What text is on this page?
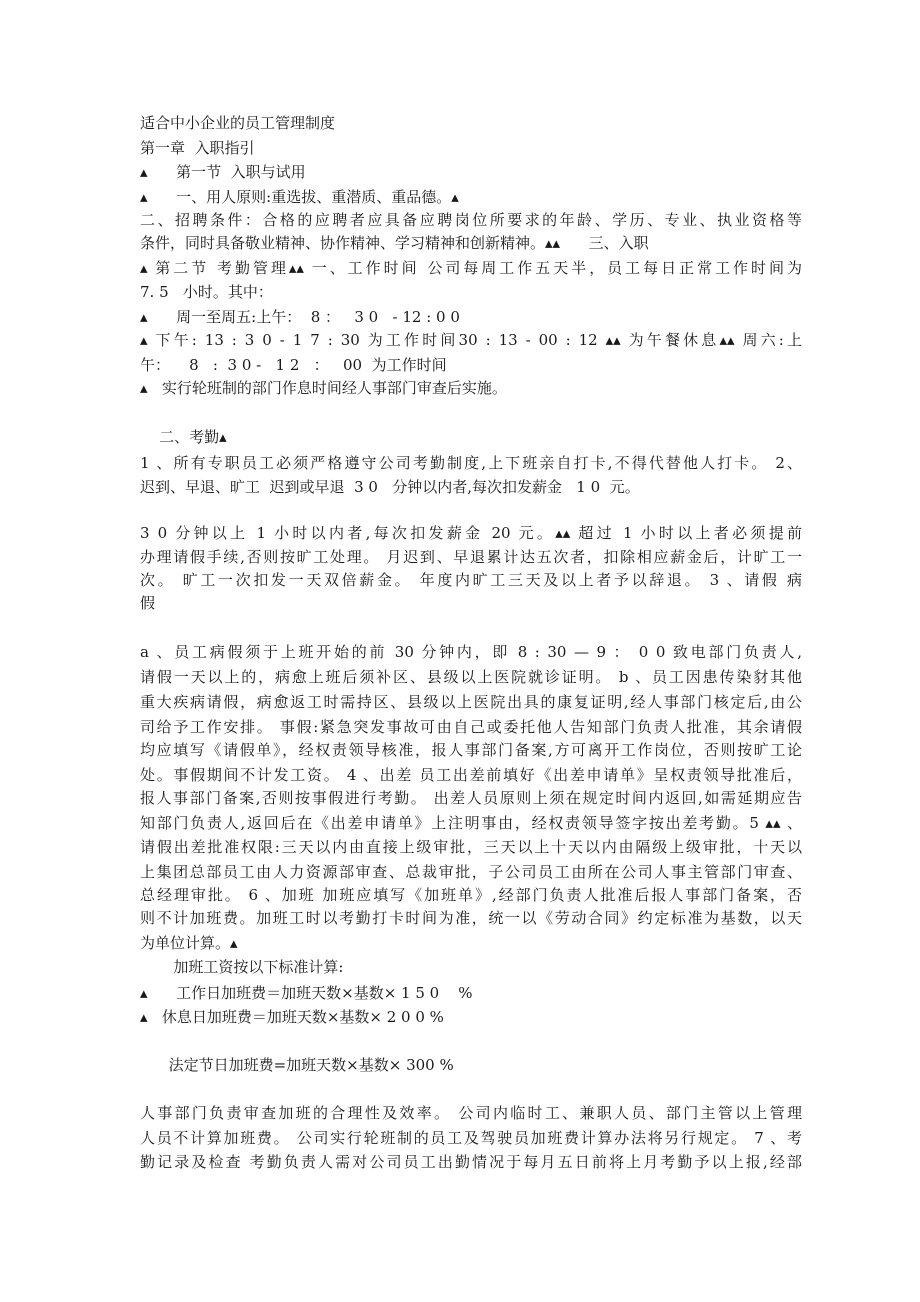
适合中小企业的员工管理制度
第一章  入职指引
▴      第一节  入职与试用
▴      一、用人原则:重选拔、重潜质、重品德。▴
二、招聘条件：合格的应聘者应具备应聘岗位所要求的年龄、学历、专业、执业资格等
条件，同时具备敬业精神、协作精神、学习精神和创新精神。▴▴      三、入职
▴ 第二节 考勤管理▴▴ 一、工作时间 公司每周工作五天半，员工每日正常工作时间为
7. 5   小时。其中：
▴      周一至周五:上午：  8 ：   3 0   - 12 : 0 0
▴ 下午: 13 : 3 0 - 1 7 : 30 为工作时间30 : 13 - 00 : 12 ▴▴ 为午餐休息▴▴ 周六:上
午：    8   :  3 0 -   1 2   ：   00  为工作时间
▴   实行轮班制的部门作息时间经人事部门审查后实施。
二、考勤▴
1 、所有专职员工必须严格遵守公司考勤制度,上下班亲自打卡,不得代替他人打卡。 2、
迟到、早退、旷工  迟到或早退  3 0   分钟以内者,每次扣发薪金   1 0  元。
3 0 分钟以上 1 小时以内者,每次扣发薪金 20 元。▴▴ 超过 1 小时以上者必须提前
办理请假手续,否则按旷工处理。 月迟到、早退累计达五次者，扣除相应薪金后，计旷工一
次。 旷工一次扣发一天双倍薪金。 年度内旷工三天及以上者予以辞退。 3 、请假 病
假
a 、员工病假须于上班开始的前 30 分钟内，即 8 : 30 — 9 ： 0 0 致电部门负责人,
请假一天以上的，病愈上班后须补区、县级以上医院就诊证明。 b 、员工因患传染豺其他
重大疾病请假，病愈返工时需持区、县级以上医院出具的康复证明,经人事部门核定后,由公
司给予工作安排。 事假:紧急突发事故可由自己或委托他人告知部门负责人批准，其余请假
均应填写《请假单》，经权责领导核准，报人事部门备案,方可离开工作岗位，否则按旷工论
处。事假期间不计发工资。 4 、出差 员工出差前填好《出差申请单》呈权责领导批准后，
报人事部门备案,否则按事假进行考勤。 出差人员原则上须在规定时间内返回,如需延期应告
知部门负责人,返回后在《出差申请单》上注明事由，经权责领导签字按出差考勤。5 ▴▴ 、
请假出差批准权限:三天以内由直接上级审批，三天以上十天以内由隔级上级审批，十天以
上集团总部员工由人力资源部审查、总裁审批，子公司员工由所在公司人事主管部门审查、
总经理审批。 6 、加班 加班应填写《加班单》,经部门负责人批准后报人事部门备案，否
则不计加班费。加班工时以考勤打卡时间为准，统一以《劳动合同》约定标准为基数，以天
为单位计算。▴
加班工资按以下标准计算:
▴      工作日加班费＝加班天数×基数× 1 5 0    %
▴   休息日加班费＝加班天数×基数× 2 0 0 %
法定节日加班费=加班天数×基数× 300 %
人事部门负责审查加班的合理性及效率。 公司内临时工、兼职人员、部门主管以上管理
人员不计算加班费。 公司实行轮班制的员工及驾驶员加班费计算办法将另行规定。 7 、考
勤记录及检查 考勤负责人需对公司员工出勤情况于每月五日前将上月考勤予以上报,经部
